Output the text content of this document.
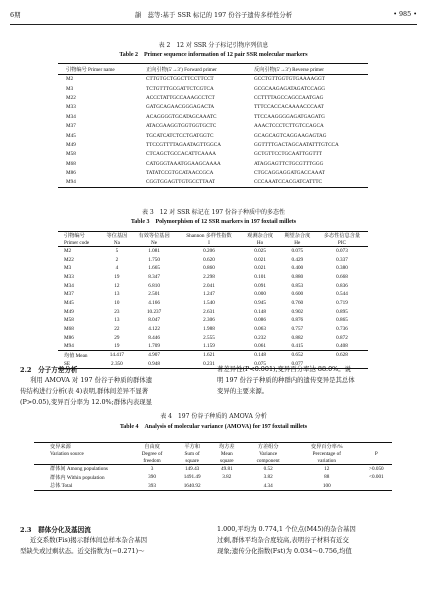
6期	韻　蕊等:基于 SSR 标记的 197 份谷子遗传多样性分析	• 985 •
表 2　12 对 SSR 分子标记引物序列信息
Table 2　Primer sequence information of 12 pair SSR molecular markers
引物编号 Primer name	正向引物(5′→3′) Forward primer	反向引物(5′→3′) Reverse primer
M2	CTTGTGCTGGCTTCCTTCCT	GCCTGTTGGTGTGAAAAGGT
M3	TCTGTTTGCGATTCTCGTCA	GCGCAAGAGATAGATCCAGG
M22	ACCCTATTGCCAAAGCCTCT	CCTTTTAGCCAGCCAATGAG
M33	GATGCAGAACGGGAGACTA	TTTCCACCACAAAACCCAAT
M34	ACAGGGGTGCATAGCAAATC	TTCCAAGGGGAGATGAGATG
M37	ATACGAAGGTGGTGGTGCTC	AAACTCCCTCTTGTCCAGCA
M45	TGCATCATCTCCTGATGGTC	GCAGCAGTCAGGAAGAGTAG
M49	TTCCGTTTTAGAATAGTTGGCA	GGTTTTGACTAGCAATATTTGTCCA
M58	CTCAGCTGCCACATTCAAAA	GCTGTTCCTGCAATTGGTTT
M68	CATGGGTAAATGGAAGCAAAA	ATAGGAGTTCTGCGTTTGGG
M86	TATATCCGTGCATAACCGCA	CTGCAGGAGGATGACCAAAT
M94	CGGTGGAGTTGTGCCTTAAT	CCCAAATCCACGATCATTTC
表 3　12 对 SSR 标记在 197 份谷子种质中的多态性
Table 3　Polymorphism of 12 SSR markers in 197 foxtail millets
引物编号	等位基因	有效等位基因	Shannon 多样性指数	观测杂合度	期望杂合度	多态性信息含量
Primer code	Na	Ne	I	Ho	He	PIC
M2	5	1.081	0.206	0.025	0.075	0.073
M22	2	1.750	0.620	0.021	0.429	0.337
M3	4	1.665	0.860	0.021	0.400	0.380
M33	19	8.347	2.298	0.101	0.880	0.668
M34	12	6.810	2.041	0.091	0.853	0.836
M37	13	2.501	1.247	0.000	0.600	0.544
M45	10	4.166	1.540	0.945	0.760	0.719
M49	23	10.237	2.631	0.148	0.902	0.895
M58	13	8.047	2.306	0.086	0.876	0.865
M68	22	4.122	1.988	0.063	0.757	0.736
M86	29	8.446	2.555	0.232	0.882	0.872
M94	19	1.709	1.159	0.061	0.415	0.408
均值 Mean	14.417	4.907	1.621	0.148	0.652	0.628
SE	2.350	0.948	0.231	0.075	0.077	
2.2　分子方差分析
利用 AMOVA 对 197 份谷子种质的群体遗
传结构进行分析(表 4)表明,群体间差异不显著
(P>0.05),变异百分率为 12.0%;群体内表现显
著差异性(P<0.001),变异百分率达 88.0%。说
明 197 份谷子种质的种群内的遗传变异是其总体
变异的主要来源。
表 4　197 份谷子种质的 AMOVA 分析
Table 4　Analysis of molecular variance (AMOVA) for 197 foxtail millets
变异来源	自由度	平方和	均方差	方差组分	变异百分率/%	
Variation source	Degree of	Sum of	Mean	Variance	Percentage of	P
	freedom	square	square	component	variation	
群体间 Among populations	3	149.43	49.81	0.52	12	>0.050
群体内 Within population	390	1491.49	3.82	3.82	88	<0.001
总体 Total	393	1640.92		4.34	100	
2.3　群体分化及基因流
近交系数(Fis)揭示群体间总样本杂合基因
型缺失或过剩状态。近交指数为(−0.271)～
1.000,平均为 0.774,1 个位点(M45)的杂合基因
过剩,群体平均杂合度较高,表明谷子材料有近交
现象;遗传分化指数(Fst)为 0.034～0.756,均值
